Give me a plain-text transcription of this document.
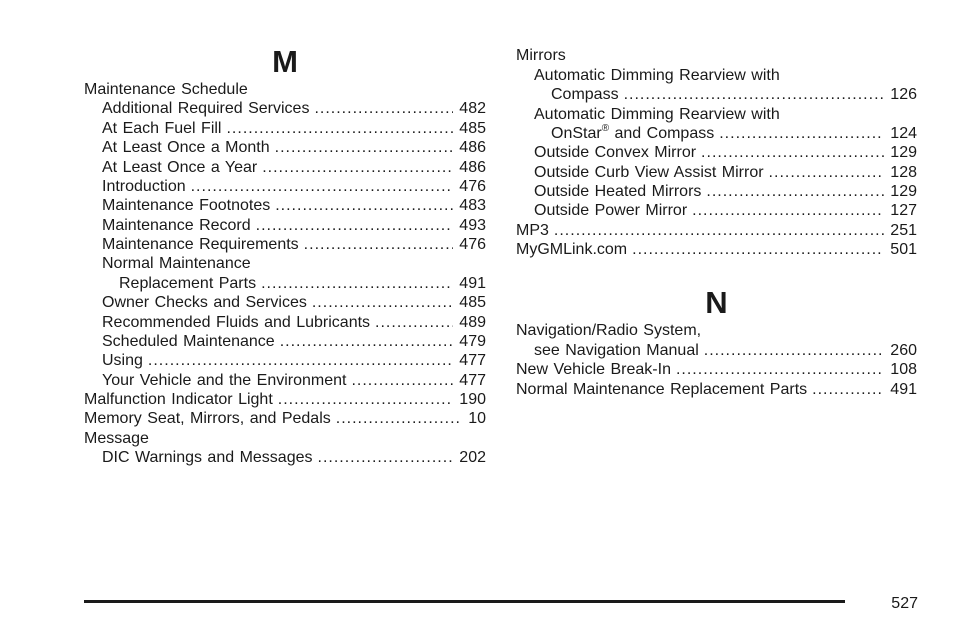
M
Maintenance Schedule
Additional Required Services .....	482
At Each Fuel Fill .....	485
At Least Once a Month .....	486
At Least Once a Year .....	486
Introduction .....	476
Maintenance Footnotes .....	483
Maintenance Record .....	493
Maintenance Requirements .....	476
Normal Maintenance
Replacement Parts .....	491
Owner Checks and Services .....	485
Recommended Fluids and Lubricants .....	489
Scheduled Maintenance .....	479
Using .....	477
Your Vehicle and the Environment .....	477
Malfunction Indicator Light .....	190
Memory Seat, Mirrors, and Pedals .....	10
Message
DIC Warnings and Messages .....	202
Mirrors
Automatic Dimming Rearview with
Compass .....	126
Automatic Dimming Rearview with
OnStar® and Compass .....	124
Outside Convex Mirror .....	129
Outside Curb View Assist Mirror .....	128
Outside Heated Mirrors .....	129
Outside Power Mirror .....	127
MP3 .....	251
MyGMLink.com .....	501
N
Navigation/Radio System,
see Navigation Manual .....	260
New Vehicle Break-In .....	108
Normal Maintenance Replacement Parts .....	491
527
